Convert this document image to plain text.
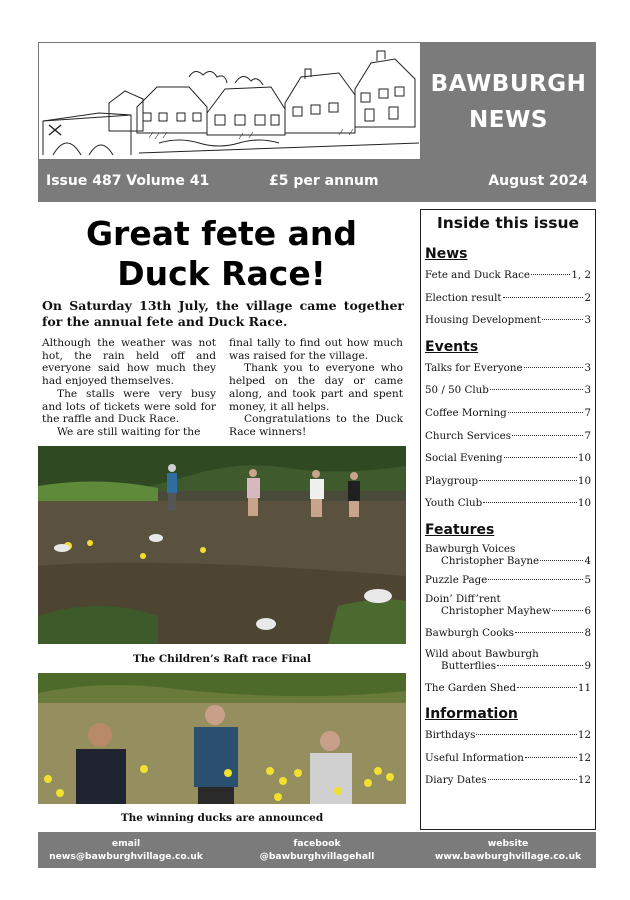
BAWBURGH
NEWS
Issue 487 Volume 41	£5 per annum	August 2024
Great fete and
Duck Race!
On Saturday 13th July, the village came together for the annual fete and Duck Race.

Although the weather was not hot, the rain held off and everyone said how much they had enjoyed themselves.

The stalls were very busy and lots of tickets were sold for the raffle and Duck Race.

We are still waiting for the

final tally to find out how much was raised for the village.

Thank you to everyone who helped on the day or came along, and took part and spent money, it all helps.

Congratulations to the Duck Race winners!

The Children’s Raft race Final
The winning ducks are announced
Inside this issue
News
Fete and Duck Race	1, 2
Election result	2
Housing Development	3
Events
Talks for Everyone	3
50 / 50 Club	3
Coffee Morning	7
Church Services	7
Social Evening	10
Playgroup	10
Youth Club	10
Features
Bawburgh Voices
Christopher Bayne	4
Puzzle Page	5
Doin’ Diff’rent
Christopher Mayhew	6
Bawburgh Cooks	8
Wild about Bawburgh
Butterflies	9
The Garden Shed	11
Information
Birthdays	12
Useful Information	12
Diary Dates	12
email
news@bawburghvillage.co.uk
facebook
@bawburghvillagehall
website
www.bawburghvillage.co.uk
